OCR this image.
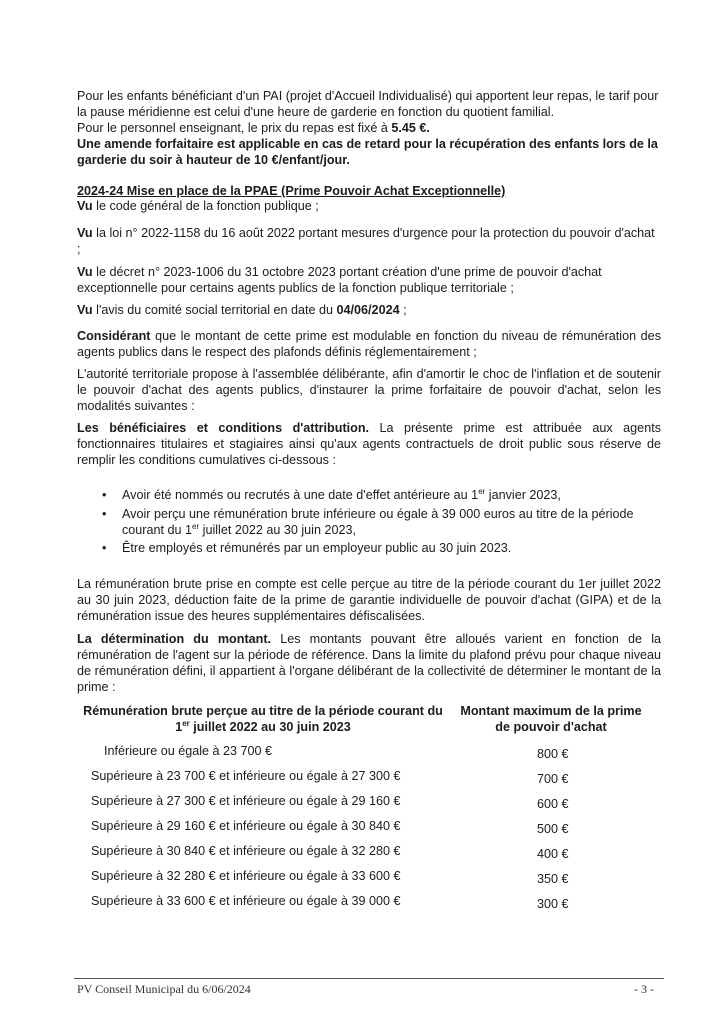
Pour les enfants bénéficiant d'un PAI (projet d'Accueil Individualisé) qui apportent leur repas, le tarif pour la pause méridienne est celui d'une heure de garderie en fonction du quotient familial.
Pour le personnel enseignant, le prix du repas est fixé à 5.45 €.

Une amende forfaitaire est applicable en cas de retard pour la récupération des enfants lors de la garderie du soir à hauteur de 10 €/enfant/jour.

2024-24 Mise en place de la PPAE (Prime Pouvoir Achat Exceptionnelle)

Vu le code général de la fonction publique ;

Vu la loi n° 2022-1158 du 16 août 2022 portant mesures d'urgence pour la protection du pouvoir d'achat ;

Vu le décret n° 2023-1006 du 31 octobre 2023 portant création d'une prime de pouvoir d'achat exceptionnelle pour certains agents publics de la fonction publique territoriale ;

Vu l'avis du comité social territorial en date du 04/06/2024 ;

Considérant que le montant de cette prime est modulable en fonction du niveau de rémunération des agents publics dans le respect des plafonds définis réglementairement ;

L'autorité territoriale propose à l'assemblée délibérante, afin d'amortir le choc de l'inflation et de soutenir le pouvoir d'achat des agents publics, d'instaurer la prime forfaitaire de pouvoir d'achat, selon les modalités suivantes :

Les bénéficiaires et conditions d'attribution. La présente prime est attribuée aux agents fonctionnaires titulaires et stagiaires ainsi qu'aux agents contractuels de droit public sous réserve de remplir les conditions cumulatives ci-dessous :

• Avoir été nommés ou recrutés à une date d'effet antérieure au 1er janvier 2023,
• Avoir perçu une rémunération brute inférieure ou égale à 39 000 euros au titre de la période courant du 1er juillet 2022 au 30 juin 2023,
• Être employés et rémunérés par un employeur public au 30 juin 2023.

La rémunération brute prise en compte est celle perçue au titre de la période courant du 1er juillet 2022 au 30 juin 2023, déduction faite de la prime de garantie individuelle de pouvoir d'achat (GIPA) et de la rémunération issue des heures supplémentaires défiscalisées.

La détermination du montant. Les montants pouvant être alloués varient en fonction de la rémunération de l'agent sur la période de référence. Dans la limite du plafond prévu pour chaque niveau de rémunération défini, il appartient à l'organe délibérant de la collectivité de déterminer le montant de la prime :

Rémunération brute perçue au titre de la période courant du 1er juillet 2022 au 30 juin 2023
Montant maximum de la prime de pouvoir d'achat
Inférieure ou égale à 23 700 €	800 €
Supérieure à 23 700 € et inférieure ou égale à 27 300 €	700 €
Supérieure à 27 300 € et inférieure ou égale à 29 160 €	600 €
Supérieure à 29 160 € et inférieure ou égale à 30 840 €	500 €
Supérieure à 30 840 € et inférieure ou égale à 32 280 €	400 €
Supérieure à 32 280 € et inférieure ou égale à 33 600 €	350 €
Supérieure à 33 600 € et inférieure ou égale à 39 000 €	300 €
PV Conseil Municipal du 6/06/2024	- 3 -
